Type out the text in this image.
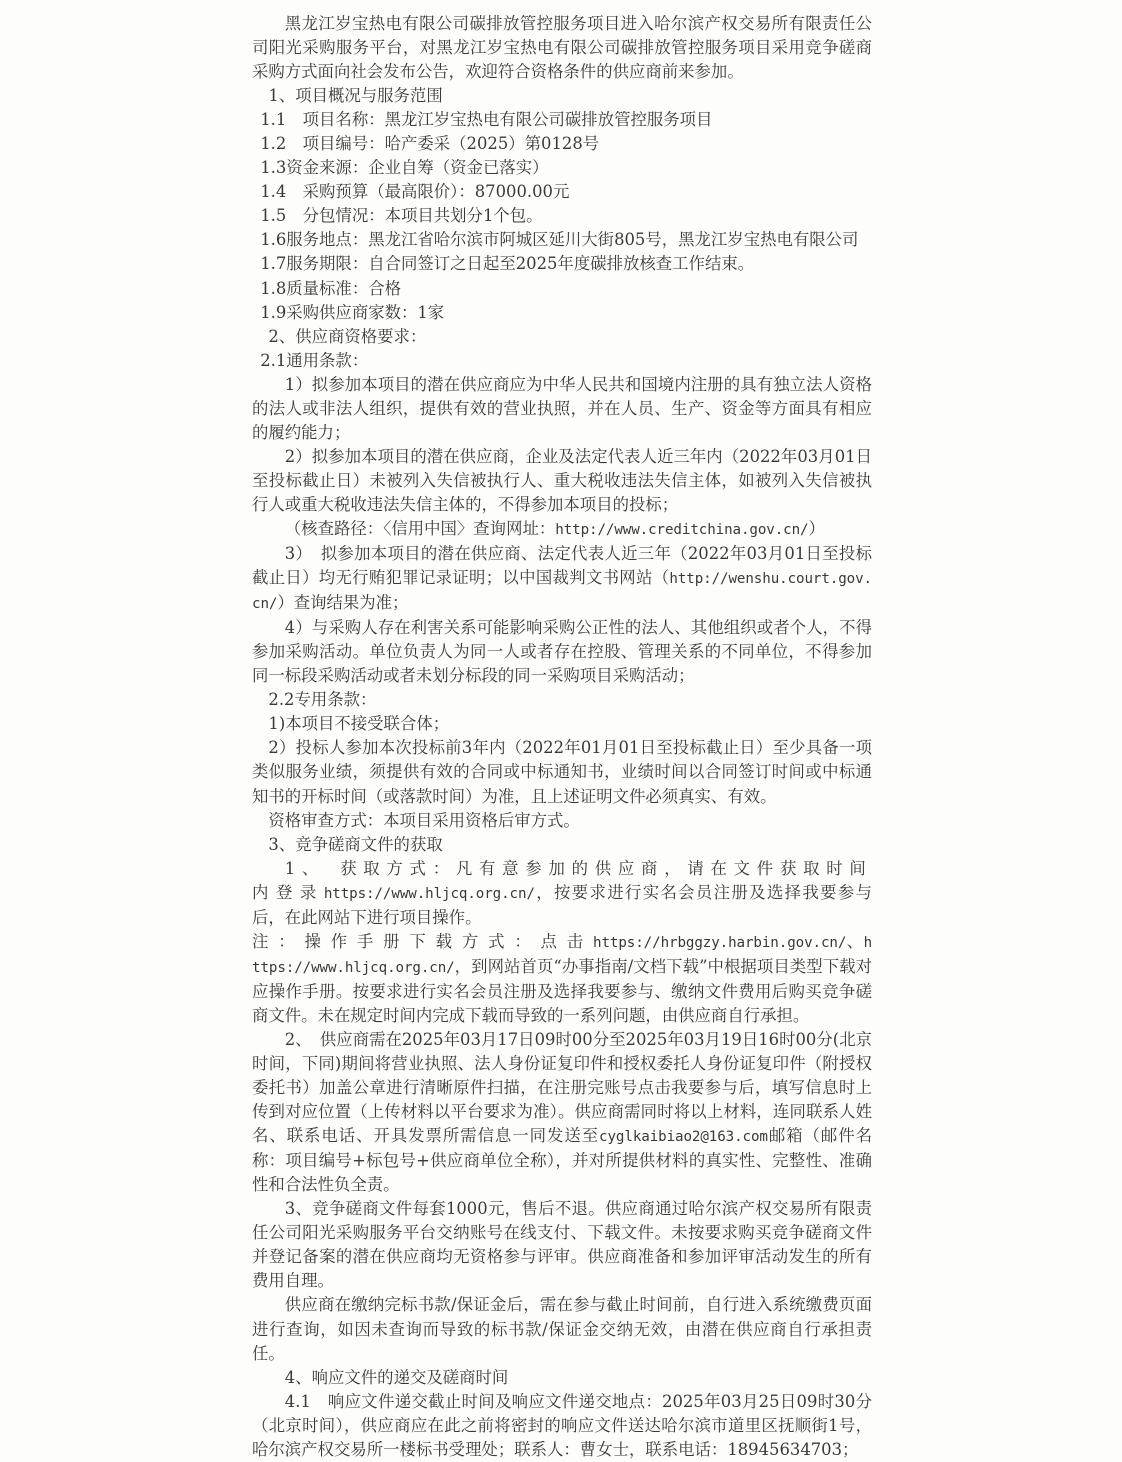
黑龙江岁宝热电有限公司碳排放管控服务项目进入哈尔滨产权交易所有限责任公司阳光采购服务平台，对黑龙江岁宝热电有限公司碳排放管控服务项目采用竞争磋商采购方式面向社会发布公告，欢迎符合资格条件的供应商前来参加。

1、项目概况与服务范围

1.1　项目名称：黑龙江岁宝热电有限公司碳排放管控服务项目

1.2　项目编号：哈产委采（2025）第0128号

1.3资金来源：企业自筹（资金已落实）

1.4　采购预算（最高限价）：87000.00元

1.5　分包情况：本项目共划分1个包。

1.6服务地点：黑龙江省哈尔滨市阿城区延川大街805号，黑龙江岁宝热电有限公司

1.7服务期限：自合同签订之日起至2025年度碳排放核查工作结束。

1.8质量标准：合格

1.9采购供应商家数：1家

2、供应商资格要求：

2.1通用条款：

1）拟参加本项目的潜在供应商应为中华人民共和国境内注册的具有独立法人资格的法人或非法人组织，提供有效的营业执照，并在人员、生产、资金等方面具有相应的履约能力；

2）拟参加本项目的潜在供应商，企业及法定代表人近三年内（2022年03月01日至投标截止日）未被列入失信被执行人、重大税收违法失信主体，如被列入失信被执行人或重大税收违法失信主体的，不得参加本项目的投标；

（核查路径：〈信用中国〉查询网址：http://www.creditchina.gov.cn/）

3）　拟参加本项目的潜在供应商、法定代表人近三年（2022年03月01日至投标截止日）均无行贿犯罪记录证明；以中国裁判文书网站（http://wenshu.court.gov.cn/）查询结果为准；

4）与采购人存在利害关系可能影响采购公正性的法人、其他组织或者个人，不得参加采购活动。单位负责人为同一人或者存在控股、管理关系的不同单位，不得参加同一标段采购活动或者未划分标段的同一采购项目采购活动；

2.2专用条款：

1)本项目不接受联合体；

2）投标人参加本次投标前3年内（2022年01月01日至投标截止日）至少具备一项类似服务业绩，须提供有效的合同或中标通知书，业绩时间以合同签订时间或中标通知书的开标时间（或落款时间）为准，且上述证明文件必须真实、有效。

资格审查方式：本项目采用资格后审方式。

3、竞争磋商文件的获取

1、　获取方式：凡有意参加的供应商，请在文件获取时间内登录https://www.hljcq.org.cn/，按要求进行实名会员注册及选择我要参与后，在此网站下进行项目操作。

注：操作手册下载方式：点击https://hrbggzy.harbin.gov.cn/、https://www.hljcq.org.cn/，到网站首页“办事指南/文档下载”中根据项目类型下载对应操作手册。按要求进行实名会员注册及选择我要参与、缴纳文件费用后购买竞争磋商文件。未在规定时间内完成下载而导致的一系列问题，由供应商自行承担。

2、　供应商需在2025年03月17日09时00分至2025年03月19日16时00分(北京时间，下同)期间将营业执照、法人身份证复印件和授权委托人身份证复印件（附授权委托书）加盖公章进行清晰原件扫描，在注册完账号点击我要参与后，填写信息时上传到对应位置（上传材料以平台要求为准）。供应商需同时将以上材料，连同联系人姓名、联系电话、开具发票所需信息一同发送至cyglkaibiao2@163.com邮箱（邮件名称：项目编号+标包号+供应商单位全称），并对所提供材料的真实性、完整性、准确性和合法性负全责。

3、竞争磋商文件每套1000元，售后不退。供应商通过哈尔滨产权交易所有限责任公司阳光采购服务平台交纳账号在线支付、下载文件。未按要求购买竞争磋商文件并登记备案的潜在供应商均无资格参与评审。供应商准备和参加评审活动发生的所有费用自理。

供应商在缴纳完标书款/保证金后，需在参与截止时间前，自行进入系统缴费页面进行查询，如因未查询而导致的标书款/保证金交纳无效，由潜在供应商自行承担责任。

4、响应文件的递交及磋商时间

4.1　响应文件递交截止时间及响应文件递交地点：2025年03月25日09时30分（北京时间），供应商应在此之前将密封的响应文件送达哈尔滨市道里区抚顺街1号，哈尔滨产权交易所一楼标书受理处；联系人：曹女士，联系电话：18945634703；
